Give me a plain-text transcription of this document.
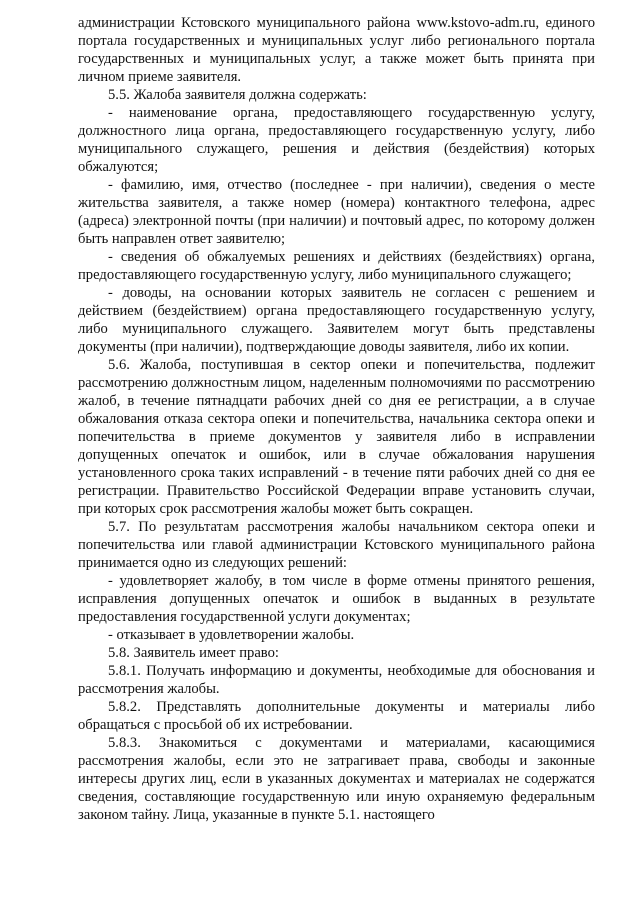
администрации Кстовского муниципального района www.kstovo-adm.ru, единого портала государственных и муниципальных услуг либо регионального портала государственных и муниципальных услуг, а также может быть принята при личном приеме заявителя.

5.5. Жалоба заявителя должна содержать:

- наименование органа, предоставляющего государственную услугу, должностного лица органа, предоставляющего государственную услугу, либо муниципального служащего, решения и действия (бездействия) которых обжалуются;

- фамилию, имя, отчество (последнее - при наличии), сведения о месте жительства заявителя, а также номер (номера) контактного телефона, адрес (адреса) электронной почты (при наличии) и почтовый адрес, по которому должен быть направлен ответ заявителю;

- сведения об обжалуемых решениях и действиях (бездействиях) органа, предоставляющего государственную услугу, либо муниципального служащего;

- доводы, на основании которых заявитель не согласен с решением и действием (бездействием) органа предоставляющего государственную услугу, либо муниципального служащего. Заявителем могут быть представлены документы (при наличии), подтверждающие доводы заявителя, либо их копии.

5.6. Жалоба, поступившая в сектор опеки и попечительства, подлежит рассмотрению должностным лицом, наделенным полномочиями по рассмотрению жалоб, в течение пятнадцати рабочих дней со дня ее регистрации, а в случае обжалования отказа сектора опеки и попечительства, начальника сектора опеки и попечительства в приеме документов у заявителя либо в исправлении допущенных опечаток и ошибок, или в случае обжалования нарушения установленного срока таких исправлений - в течение пяти рабочих дней со дня ее регистрации. Правительство Российской Федерации вправе установить случаи, при которых срок рассмотрения жалобы может быть сокращен.

5.7. По результатам рассмотрения жалобы начальником сектора опеки и попечительства или главой администрации Кстовского муниципального района принимается одно из следующих решений:

- удовлетворяет жалобу, в том числе в форме отмены принятого решения, исправления допущенных опечаток и ошибок в выданных в результате предоставления государственной услуги документах;

- отказывает в удовлетворении жалобы.

5.8. Заявитель имеет право:

5.8.1. Получать информацию и документы, необходимые для обоснования и рассмотрения жалобы.

5.8.2. Представлять дополнительные документы и материалы либо обращаться с просьбой об их истребовании.

5.8.3. Знакомиться с документами и материалами, касающимися рассмотрения жалобы, если это не затрагивает права, свободы и законные интересы других лиц, если в указанных документах и материалах не содержатся сведения, составляющие государственную или иную охраняемую федеральным законом тайну. Лица, указанные в пункте 5.1. настоящего
